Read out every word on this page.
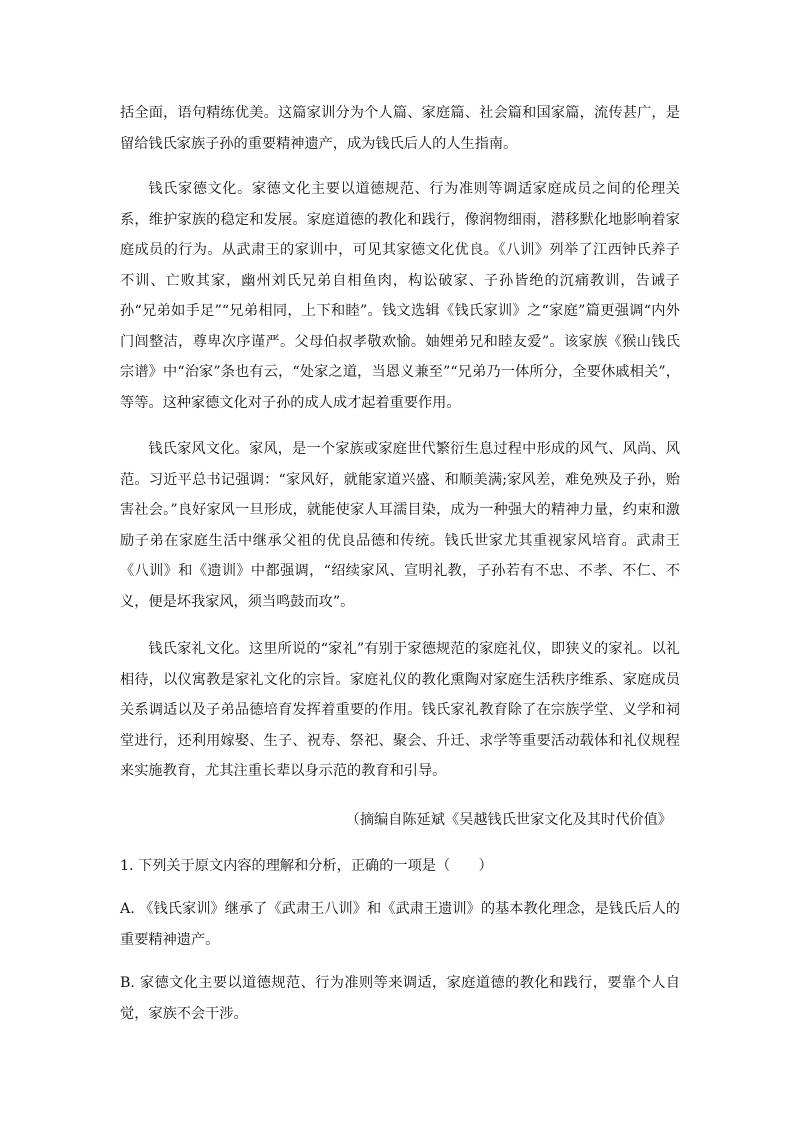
括全面，语句精练优美。这篇家训分为个人篇、家庭篇、社会篇和国家篇，流传甚广，是留给钱氏家族子孙的重要精神遗产，成为钱氏后人的人生指南。

钱氏家德文化。家德文化主要以道德规范、行为准则等调适家庭成员之间的伦理关系，维护家族的稳定和发展。家庭道德的教化和践行，像润物细雨，潜移默化地影响着家庭成员的行为。从武肃王的家训中，可见其家德文化优良。《八训》列举了江西钟氏养子不训、亡败其家，幽州刘氏兄弟自相鱼肉，构讼破家、子孙皆绝的沉痛教训，告诫子孙“兄弟如手足”“兄弟相同，上下和睦”。钱文选辑《钱氏家训》之“家庭”篇更强调“内外门闾整洁，尊卑次序谨严。父母伯叔孝敬欢愉。妯娌弟兄和睦友爱”。该家族《猴山钱氏宗谱》中“治家”条也有云，“处家之道，当恩义兼至”“兄弟乃一体所分，全要休戚相关”，等等。这种家德文化对子孙的成人成才起着重要作用。

钱氏家风文化。家风，是一个家族或家庭世代繁衍生息过程中形成的风气、风尚、风范。习近平总书记强调：“家风好，就能家道兴盛、和顺美满;家风差，难免殃及子孙，贻害社会。”良好家风一旦形成，就能使家人耳濡目染，成为一种强大的精神力量，约束和激励子弟在家庭生活中继承父祖的优良品德和传统。钱氏世家尤其重视家风培育。武肃王《八训》和《遗训》中都强调，“绍续家风、宣明礼教，子孙若有不忠、不孝、不仁、不义，便是坏我家风，须当鸣鼓而攻”。

钱氏家礼文化。这里所说的“家礼”有别于家德规范的家庭礼仪，即狭义的家礼。以礼相待，以仪寓教是家礼文化的宗旨。家庭礼仪的教化熏陶对家庭生活秩序维系、家庭成员关系调适以及子弟品德培育发挥着重要的作用。钱氏家礼教育除了在宗族学堂、义学和祠堂进行，还利用嫁娶、生子、祝寿、祭祀、聚会、升迁、求学等重要活动载体和礼仪规程来实施教育，尤其注重长辈以身示范的教育和引导。

（摘编自陈延斌《吴越钱氏世家文化及其时代价值》

1. 下列关于原文内容的理解和分析，正确的一项是（　　）

A. 《钱氏家训》继承了《武肃王八训》和《武肃王遗训》的基本教化理念，是钱氏后人的重要精神遗产。

B. 家德文化主要以道德规范、行为准则等来调适，家庭道德的教化和践行，要靠个人自觉，家族不会干涉。
